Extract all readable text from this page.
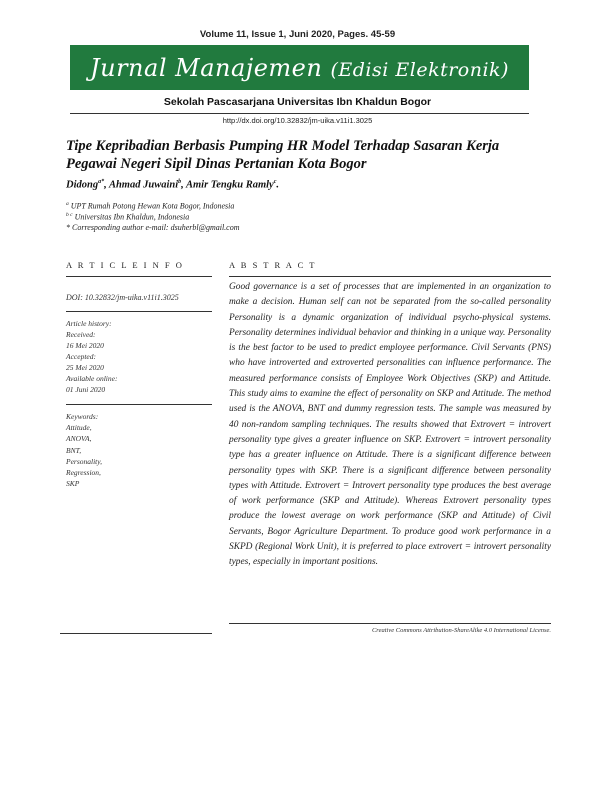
Volume 11, Issue 1, Juni 2020, Pages. 45-59
Jurnal Manajemen (Edisi Elektronik)
Sekolah Pascasarjana Universitas Ibn Khaldun Bogor
http://dx.doi.org/10.32832/jm-uika.v11i1.3025
Tipe Kepribadian Berbasis Pumping HR Model Terhadap Sasaran Kerja Pegawai Negeri Sipil Dinas Pertanian Kota Bogor
Didong$^{a*}$, Ahmad Juwaini$^b$, Amir Tengku Ramly$^c$.
$^a$ UPT Rumah Potong Hewan Kota Bogor, Indonesia
$^{b c}$ Universitas Ibn Khaldun, Indonesia
* Corresponding author e-mail: dsuherbl@gmail.com
A R T I C L E I N F O
DOI: 10.32832/jm-uika.v11i1.3025
Article history:
Received:
16 Mei 2020
Accepted:
25 Mei 2020
Available online:
01 Juni 2020
Keywords:
Attitude,
ANOVA,
BNT,
Personality,
Regression,
SKP
A B S T R A C T
Good governance is a set of processes that are implemented in an organization to make a decision. Human self can not be separated from the so-called personality Personality is a dynamic organization of individual psycho-physical systems. Personality determines individual behavior and thinking in a unique way. Personality is the best factor to be used to predict employee performance. Civil Servants (PNS) who have introverted and extroverted personalities can influence performance. The measured performance consists of Employee Work Objectives (SKP) and Attitude. This study aims to examine the effect of personality on SKP and Attitude. The method used is the ANOVA, BNT and dummy regression tests. The sample was measured by 40 non-random sampling techniques. The results showed that Extrovert = introvert personality type gives a greater influence on SKP. Extrovert = introvert personality type has a greater influence on Attitude. There is a significant difference between personality types with SKP. There is a significant difference between personality types with Attitude. Extrovert = Introvert personality type produces the best average of work performance (SKP and Attitude). Whereas Extrovert personality types produce the lowest average on work performance (SKP and Attitude) of Civil Servants, Bogor Agriculture Department. To produce good work performance in a SKPD (Regional Work Unit), it is preferred to place extrovert = introvert personality types, especially in important positions.
Creative Commons Attribution-ShareAlike 4.0 International License.
